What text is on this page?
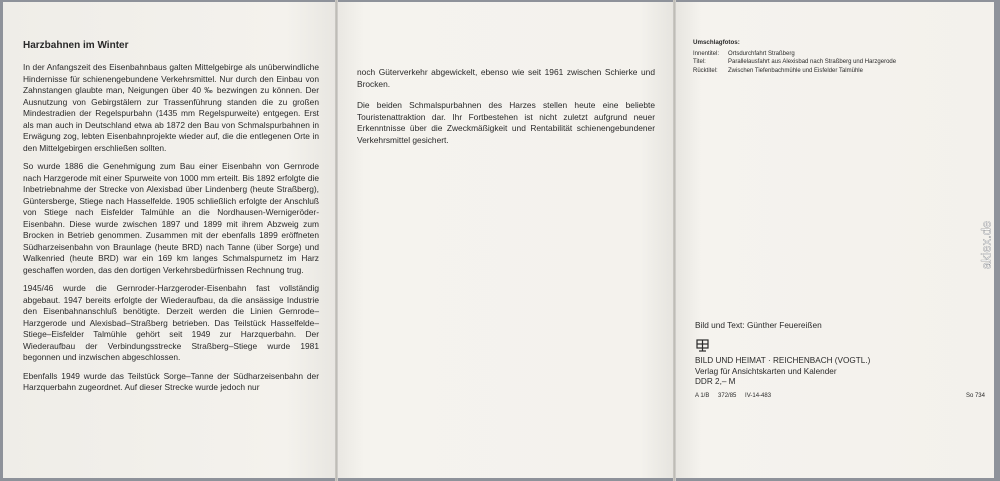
Harzbahnen im Winter

In der Anfangszeit des Eisenbahnbaus galten Mittelgebirge als unüberwindliche Hindernisse für schienengebundene Verkehrsmittel. Nur durch den Einbau von Zahnstangen glaubte man, Neigungen über 40 ‰ bezwingen zu können. Der Ausnutzung von Gebirgstälern zur Trassenführung standen die zu großen Mindestradien der Regelspurbahn (1435 mm Regelspurweite) entgegen. Erst als man auch in Deutschland etwa ab 1872 den Bau von Schmalspurbahnen in Erwägung zog, lebten Eisenbahnprojekte wieder auf, die die entlegenen Orte in den Mittelgebirgen erschließen sollten.

So wurde 1886 die Genehmigung zum Bau einer Eisenbahn von Gernrode nach Harzgerode mit einer Spurweite von 1000 mm erteilt. Bis 1892 erfolgte die Inbetriebnahme der Strecke von Alexisbad über Lindenberg (heute Straßberg), Güntersberge, Stiege nach Hasselfelde. 1905 schließlich erfolgte der Anschluß von Stiege nach Eisfelder Talmühle an die Nordhausen-Wernigeröder-Eisenbahn. Diese wurde zwischen 1897 und 1899 mit ihrem Abzweig zum Brocken in Betrieb genommen. Zusammen mit der ebenfalls 1899 eröffneten Südharzeisenbahn von Braunlage (heute BRD) nach Tanne (über Sorge) und Walkenried (heute BRD) war ein 169 km langes Schmalspurnetz im Harz geschaffen worden, das den dortigen Verkehrsbedürfnissen Rechnung trug.

1945/46 wurde die Gernroder-Harzgeroder-Eisenbahn fast vollständig abgebaut. 1947 bereits erfolgte der Wiederaufbau, da die ansässige Industrie den Eisenbahnanschluß benötigte. Derzeit werden die Linien Gernrode–Harzgerode und Alexisbad–Straßberg betrieben. Das Teilstück Hasselfelde–Stiege–Eisfelder Talmühle gehört seit 1949 zur Harzquerbahn. Der Wiederaufbau der Verbindungsstrecke Straßberg–Stiege wurde 1981 begonnen und inzwischen abgeschlossen.

Ebenfalls 1949 wurde das Teilstück Sorge–Tanne der Südharzeisenbahn der Harzquerbahn zugeordnet. Auf dieser Strecke wurde jedoch nur

noch Güterverkehr abgewickelt, ebenso wie seit 1961 zwischen Schierke und Brocken.

Die beiden Schmalspurbahnen des Harzes stellen heute eine beliebte Touristenattraktion dar. Ihr Fortbestehen ist nicht zuletzt aufgrund neuer Erkenntnisse über die Zweckmäßigkeit und Rentabilität schienengebundener Verkehrsmittel gesichert.

Umschlagfotos:
Innentitel:	Ortsdurchfahrt Straßberg
Titel:	Parallelausfahrt aus Alexisbad nach Straßberg und Harzgerode
Rücktitel:	Zwischen Tiefenbachmühle und Eisfelder Talmühle
Bild und Text: Günther Feuereißen
BILD UND HEIMAT · REICHENBACH (VOGTL.)
Verlag für Ansichtskarten und Kalender
DDR 2,– M
A 1/B 372/85 IV-14-483	So 734
akiex.de
